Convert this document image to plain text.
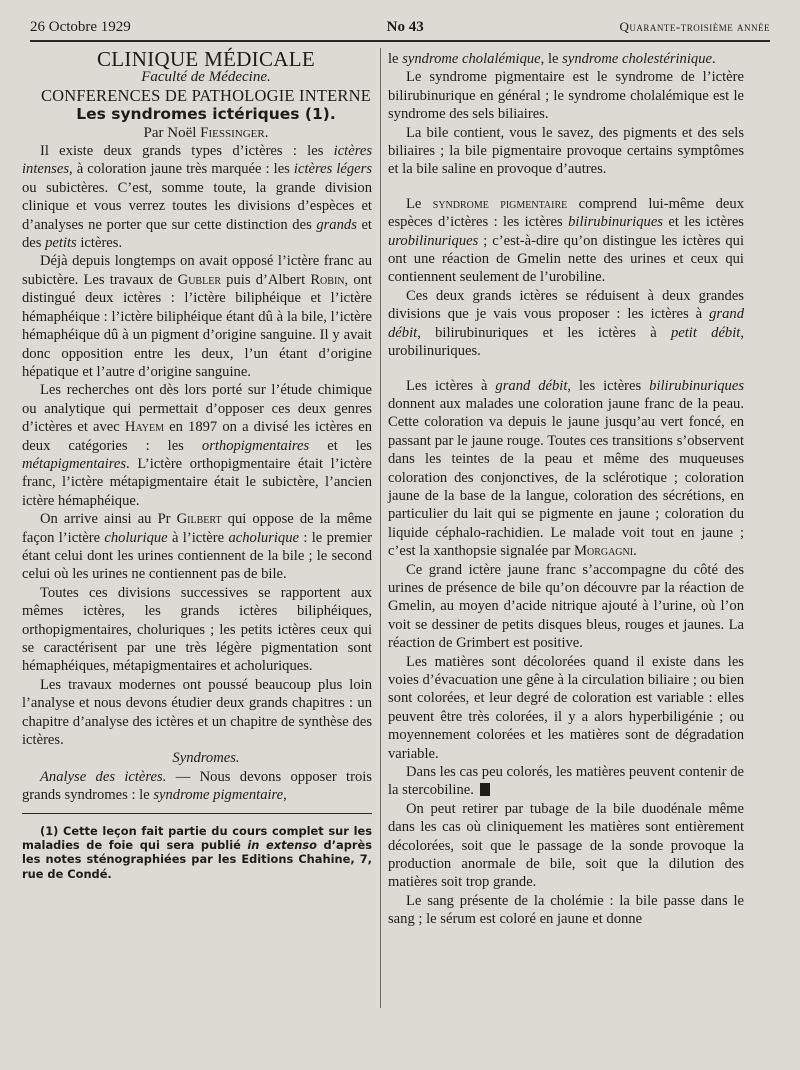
26 Octobre 1929	No 43	Quarante-troisième année

CLINIQUE MÉDICALE

Faculté de Médecine.

CONFERENCES DE PATHOLOGIE INTERNE

Les syndromes ictériques (1).

Par Noël Fiessinger.

Il existe deux grands types d’ictères : les ictères intenses, à coloration jaune très marquée : les ictères légers ou subictères. C’est, somme toute, la grande division clinique et vous verrez toutes les divisions d’espèces et d’analyses ne porter que sur cette distinction des grands et des petits ictères.

Déjà depuis longtemps on avait opposé l’ictère franc au subictère. Les travaux de Gubler puis d’Albert Robin, ont distingué deux ictères : l’ictère biliphéique et l’ictère hémaphéique : l’ictère biliphéique étant dû à la bile, l’ictère hémaphéique dû à un pigment d’origine sanguine. Il y avait donc opposition entre les deux, l’un étant d’origine hépatique et l’autre d’origine sanguine.

Les recherches ont dès lors porté sur l’étude chimique ou analytique qui permettait d’opposer ces deux genres d’ictères et avec Hayem en 1897 on a divisé les ictères en deux catégories : les orthopigmentaires et les métapigmentaires. L’ictère orthopigmentaire était l’ictère franc, l’ictère métapigmentaire était le subictère, l’ancien ictère hémaphéique.

On arrive ainsi au Pr Gilbert qui oppose de la même façon l’ictère cholurique à l’ictère acholurique : le premier étant celui dont les urines contiennent de la bile ; le second celui où les urines ne contiennent pas de bile.

Toutes ces divisions successives se rapportent aux mêmes ictères, les grands ictères biliphéiques, orthopigmentaires, choluriques ; les petits ictères ceux qui se caractérisent par une très légère pigmentation sont hémaphéiques, métapigmentaires et acholuriques.

Les travaux modernes ont poussé beaucoup plus loin l’analyse et nous devons étudier deux grands chapitres : un chapitre d’analyse des ictères et un chapitre de synthèse des ictères.

Syndromes.

Analyse des ictères. — Nous devons opposer trois grands syndromes : le syndrome pigmentaire,

(1) Cette leçon fait partie du cours complet sur les maladies de foie qui sera publié in extenso d’après les notes sténographiées par les Editions Chahine, 7, rue de Condé.

le syndrome cholalémique, le syndrome cholestérinique.

Le syndrome pigmentaire est le syndrome de l’ictère bilirubinurique en général ; le syndrome cholalémique est le syndrome des sels biliaires.

La bile contient, vous le savez, des pigments et des sels biliaires ; la bile pigmentaire provoque certains symptômes et la bile saline en provoque d’autres.

Le syndrome pigmentaire comprend lui-même deux espèces d’ictères : les ictères bilirubinuriques et les ictères urobilinuriques ; c’est-à-dire qu’on distingue les ictères qui ont une réaction de Gmelin nette des urines et ceux qui contiennent seulement de l’urobiline.

Ces deux grands ictères se réduisent à deux grandes divisions que je vais vous proposer : les ictères à grand débit, bilirubinuriques et les ictères à petit débit, urobilinuriques.

Les ictères à grand débit, les ictères bilirubinuriques donnent aux malades une coloration jaune franc de la peau. Cette coloration va depuis le jaune jusqu’au vert foncé, en passant par le jaune rouge. Toutes ces transitions s’observent dans les teintes de la peau et même des muqueuses coloration des conjonctives, de la sclérotique ; coloration jaune de la base de la langue, coloration des sécrétions, en particulier du lait qui se pigmente en jaune ; coloration du liquide céphalo-rachidien. Le malade voit tout en jaune ; c’est la xanthopsie signalée par Morgagni.

Ce grand ictère jaune franc s’accompagne du côté des urines de présence de bile qu’on découvre par la réaction de Gmelin, au moyen d’acide nitrique ajouté à l’urine, où l’on voit se dessiner de petits disques bleus, rouges et jaunes. La réaction de Grimbert est positive.

Les matières sont décolorées quand il existe dans les voies d’évacuation une gêne à la circulation biliaire ; ou bien sont colorées, et leur degré de coloration est variable : elles peuvent être très colorées, il y a alors hyperbiligénie ; ou moyennement colorées et les matières sont de dégradation variable.

Dans les cas peu colorés, les matières peuvent contenir de la stercobiline.

On peut retirer par tubage de la bile duodénale même dans les cas où cliniquement les matières sont entièrement décolorées, soit que le passage de la sonde provoque la production anormale de bile, soit que la dilution des matières soit trop grande.

Le sang présente de la cholémie : la bile passe dans le sang ; le sérum est coloré en jaune et donne
